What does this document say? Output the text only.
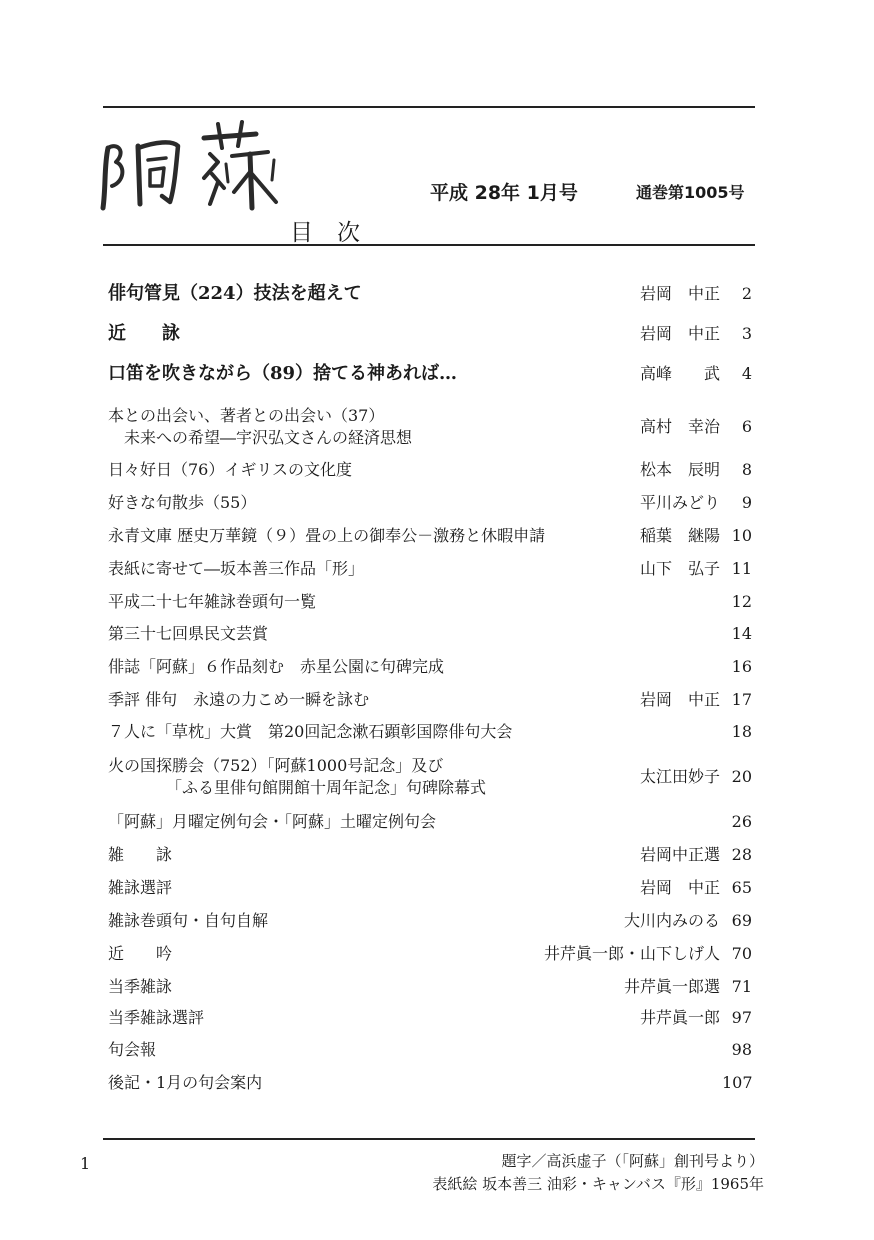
平成 28年 1月号	通巻第1005号
目次
俳句管見（224）技法を超えて	岩岡　中正	2
近　　詠	岩岡　中正	3
口笛を吹きながら（89）捨てる神あれば…	高峰　　武	4
本との出会い、著者との出会い（37）
未来への希望―宇沢弘文さんの経済思想
高村　幸治	6
日々好日（76）イギリスの文化度	松本　辰明	8
好きな句散歩（55）	平川みどり	9
永青文庫 歴史万華鏡（９）畳の上の御奉公－激務と休暇申請	稲葉　継陽 10
表紙に寄せて―坂本善三作品「形」	山下　弘子 11
平成二十七年雑詠巻頭句一覧	12
第三十七回県民文芸賞	14
俳誌「阿蘇」６作品刻む　赤星公園に句碑完成	16
季評 俳句　永遠の力こめ一瞬を詠む	岩岡　中正 17
７人に「草枕」大賞　第20回記念漱石顕彰国際俳句大会	18
火の国探勝会（752）「阿蘇1000号記念」及び
「ふる里俳句館開館十周年記念」句碑除幕式
太江田妙子 20
「阿蘇」月曜定例句会・「阿蘇」土曜定例句会	26
雑　　詠	岩岡中正選 28
雑詠選評	岩岡　中正 65
雑詠巻頭句・自句自解	大川内みのる 69
近　　吟	井芹眞一郎・山下しげ人 70
当季雑詠	井芹眞一郎選 71
当季雑詠選評	井芹眞一郎 97
句会報	98
後記・1月の句会案内	107
1	題字／高浜虚子（「阿蘇」創刊号より）
表紙絵 坂本善三 油彩・キャンバス『形』1965年
